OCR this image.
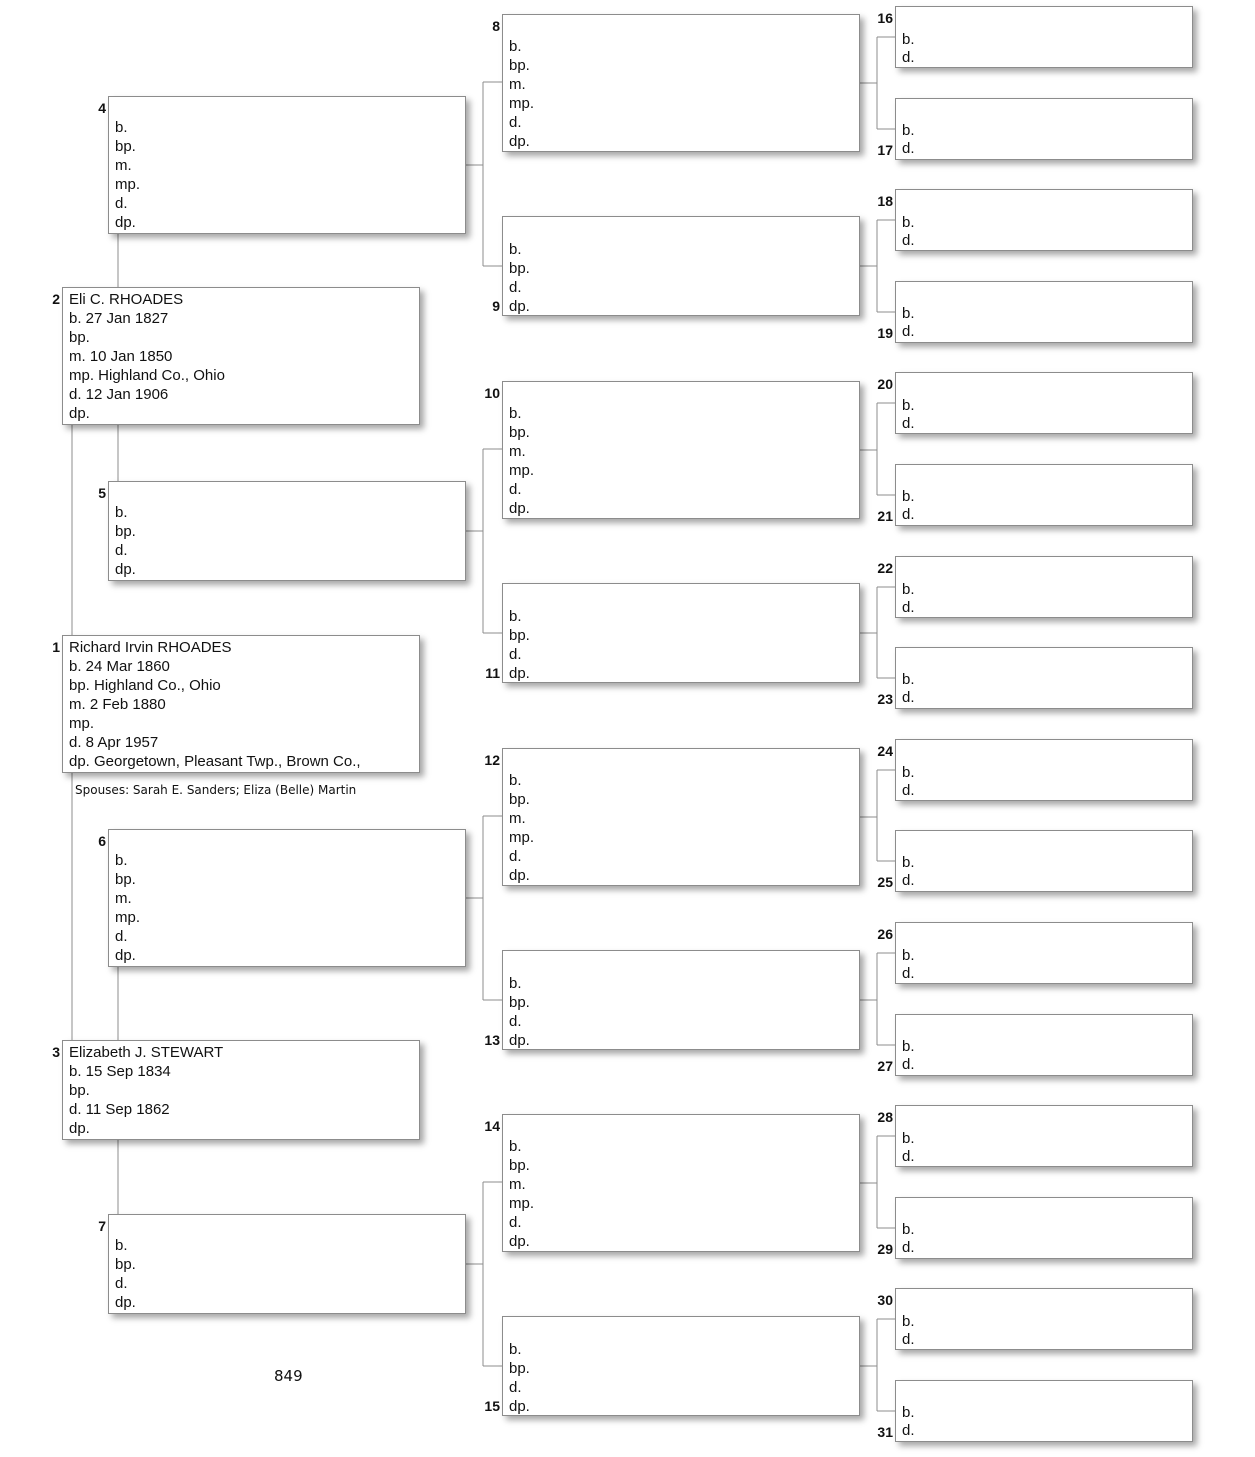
Richard Irvin RHOADES
b. 24 Mar 1860
bp. Highland Co., Ohio
m. 2 Feb 1880
mp.
d. 8 Apr 1957
dp. Georgetown, Pleasant Twp., Brown Co.,
1
Eli C. RHOADES
b. 27 Jan 1827
bp.
m. 10 Jan 1850
mp. Highland Co., Ohio
d. 12 Jan 1906
dp.
2
Elizabeth J. STEWART
b. 15 Sep 1834
bp.
d. 11 Sep 1862
dp.
3
b.
bp.
m.
mp.
d.
dp.
4
b.
bp.
d.
dp.
5
b.
bp.
m.
mp.
d.
dp.
6
b.
bp.
d.
dp.
7
b.
bp.
m.
mp.
d.
dp.
8
b.
bp.
d.
dp.
9
b.
bp.
m.
mp.
d.
dp.
10
b.
bp.
d.
dp.
11
b.
bp.
m.
mp.
d.
dp.
12
b.
bp.
d.
dp.
13
b.
bp.
m.
mp.
d.
dp.
14
b.
bp.
d.
dp.
15
b.
d.
16
b.
d.
17
b.
d.
18
b.
d.
19
b.
d.
20
b.
d.
21
b.
d.
22
b.
d.
23
b.
d.
24
b.
d.
25
b.
d.
26
b.
d.
27
b.
d.
28
b.
d.
29
b.
d.
30
b.
d.
31
Spouses: Sarah E. Sanders; Eliza (Belle) Martin
849
